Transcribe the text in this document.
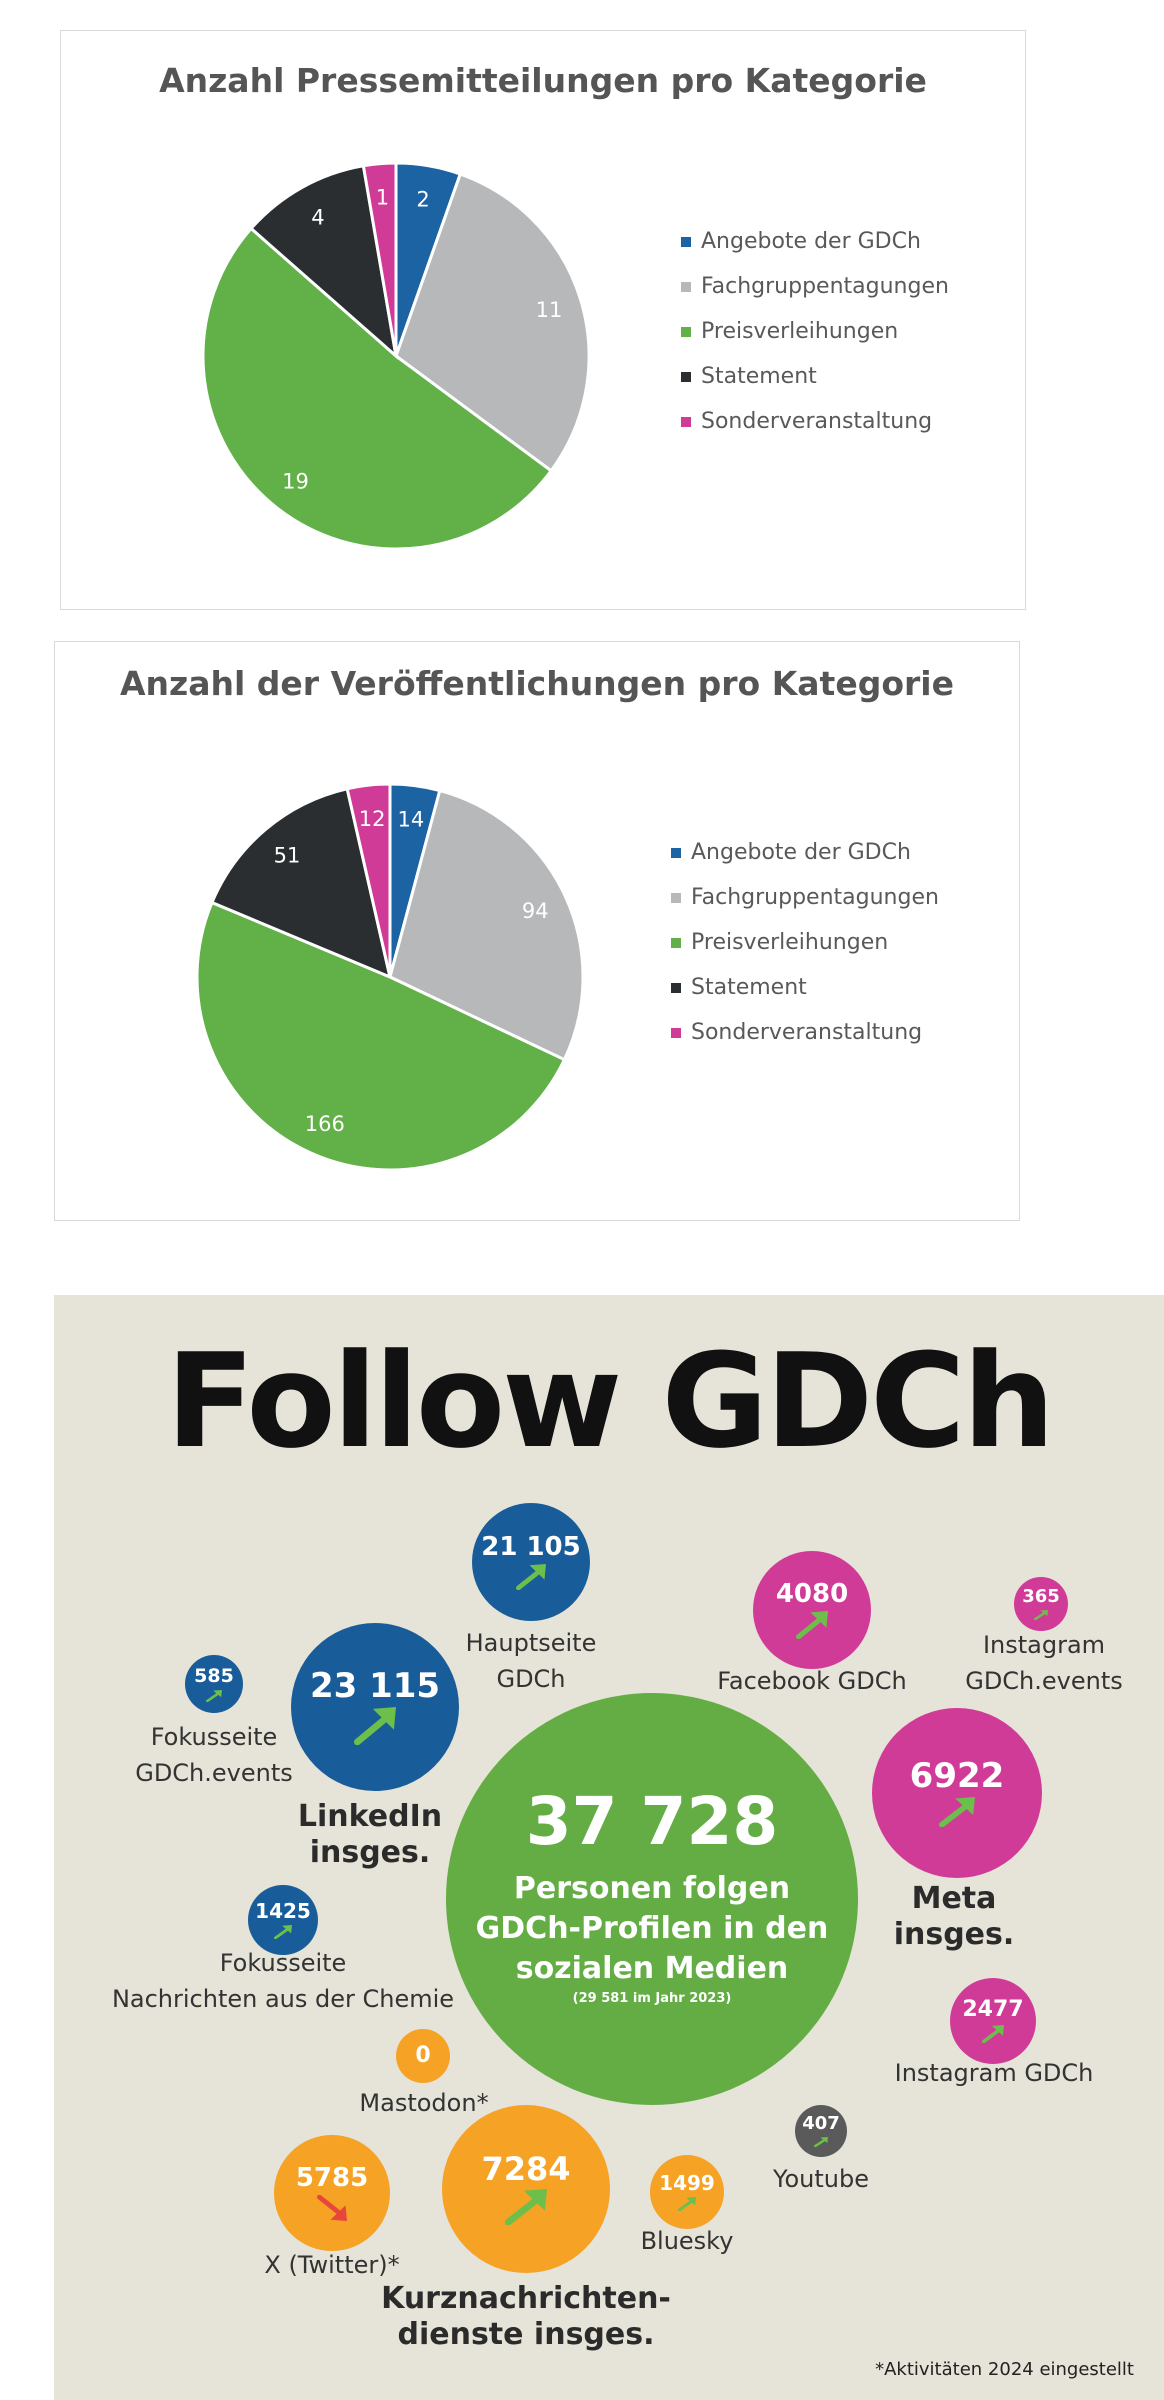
Anzahl Pressemitteilungen pro Kategorie
2
11
19
4
1
Angebote der GDCh
Fachgruppentagungen
Preisverleihungen
Statement
Sonderveranstaltung
Anzahl der Veröffentlichungen pro Kategorie
14
94
166
51
12
Angebote der GDCh
Fachgruppentagungen
Preisverleihungen
Statement
Sonderveranstaltung
Follow GDCh
37 728
Personen folgen
GDCh-Profilen in den
sozialen Medien
(29 581 im Jahr 2023)
21 105
Hauptseite
GDCh
23 115
LinkedIn
insges.
585
Fokusseite
GDCh.events
1425
Fokusseite
Nachrichten aus der Chemie
4080
Facebook GDCh
365
Instagram
GDCh.events
6922
Meta
insges.
2477
Instagram GDCh
0
Mastodon*
5785
X (Twitter)*
7284
Kurznachrichten-
dienste insges.
1499
Bluesky
407
Youtube
*Aktivitäten 2024 eingestellt
